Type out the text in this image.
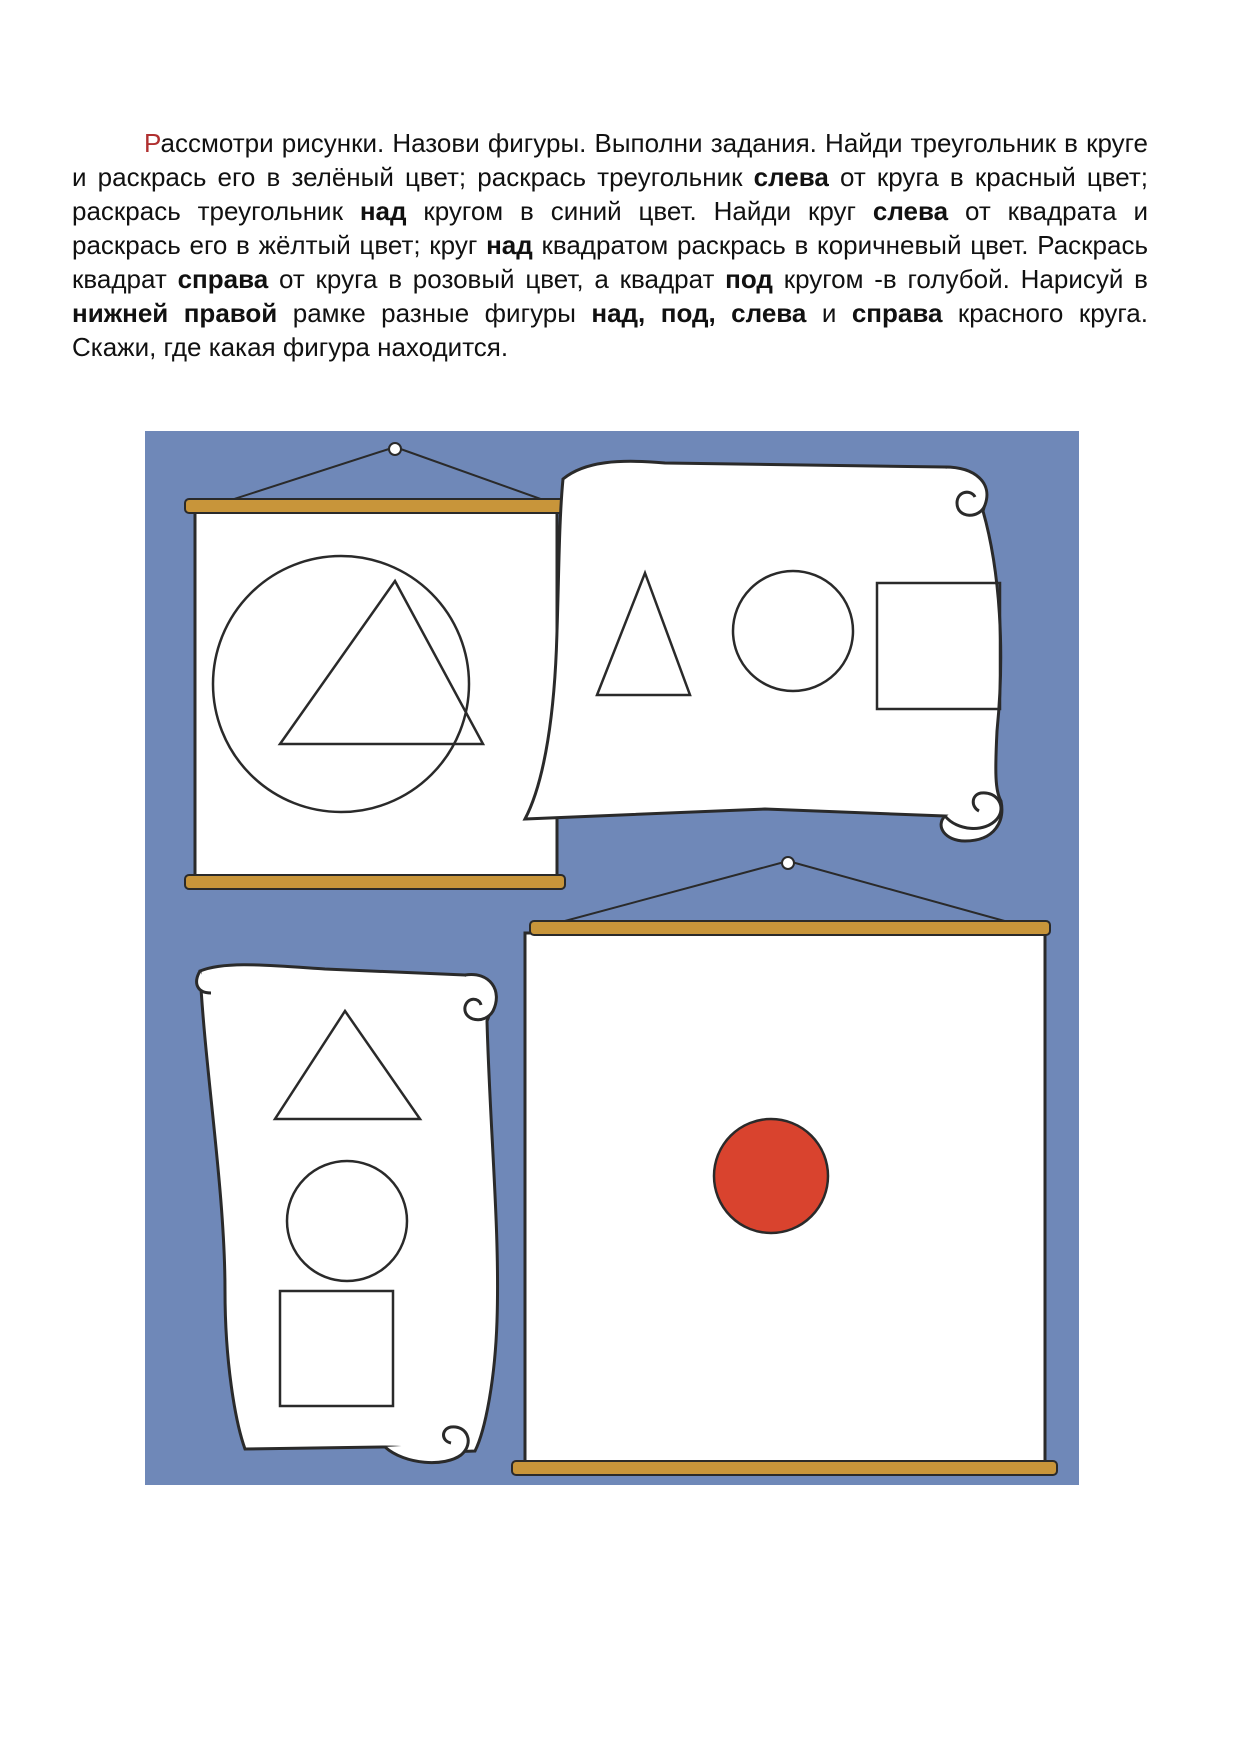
Рассмотри рисунки. Назови фигуры. Выполни задания. Найди треугольник в круге и раскрась его в зелёный цвет; раскрась треугольник слева от круга в красный цвет; раскрась треугольник над кругом в синий цвет. Найди круг слева от квадрата и раскрась его в жёлтый цвет; круг над квадратом раскрась в коричневый цвет. Раскрась квадрат справа от круга в розовый цвет, а квадрат под кругом -в голубой. Нарисуй в нижней правой рамке разные фигуры над, под, слева и справа красного круга. Скажи, где какая фигура находится.
